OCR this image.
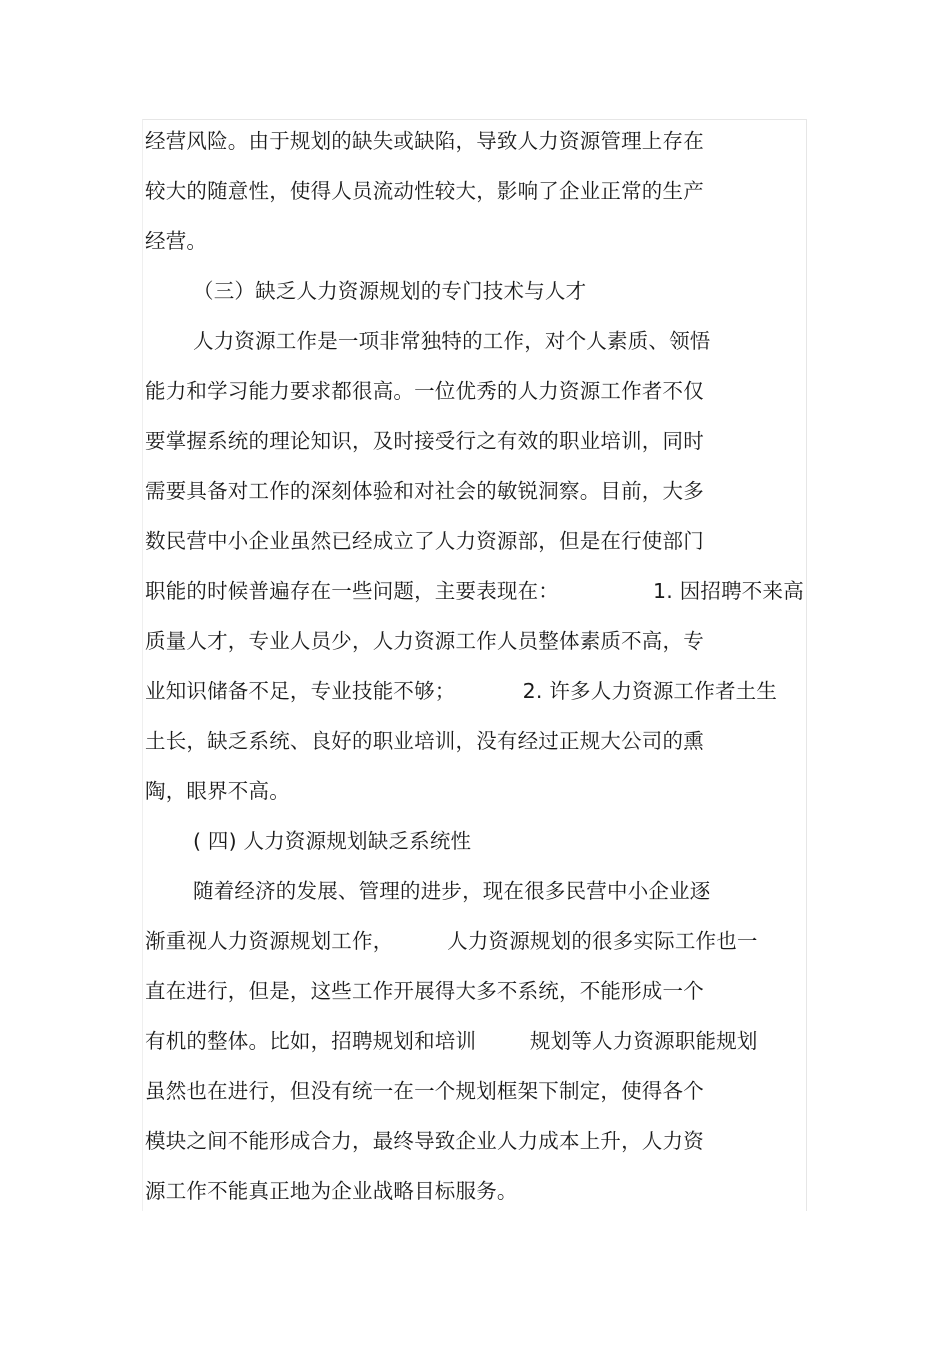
经营风险。由于规划的缺失或缺陷，导致人力资源管理上存在
较大的随意性，使得人员流动性较大，影响了企业正常的生产
经营。
（三）缺乏人力资源规划的专门技术与人才
人力资源工作是一项非常独特的工作，对个人素质、领悟
能力和学习能力要求都很高。一位优秀的人力资源工作者不仅
要掌握系统的理论知识，及时接受行之有效的职业培训，同时
需要具备对工作的深刻体验和对社会的敏锐洞察。目前，大多
数民营中小企业虽然已经成立了人力资源部，但是在行使部门
职能的时候普遍存在一些问题，主要表现在：              1. 因招聘不来高
质量人才，专业人员少，人力资源工作人员整体素质不高，专
业知识储备不足，专业技能不够；          2. 许多人力资源工作者土生
土长，缺乏系统、良好的职业培训，没有经过正规大公司的熏
陶，眼界不高。
( 四) 人力资源规划缺乏系统性
随着经济的发展、管理的进步，现在很多民营中小企业逐
渐重视人力资源规划工作，        人力资源规划的很多实际工作也一
直在进行，但是，这些工作开展得大多不系统，不能形成一个
有机的整体。比如，招聘规划和培训        规划等人力资源职能规划
虽然也在进行，但没有统一在一个规划框架下制定，使得各个
模块之间不能形成合力，最终导致企业人力成本上升，人力资
源工作不能真正地为企业战略目标服务。
